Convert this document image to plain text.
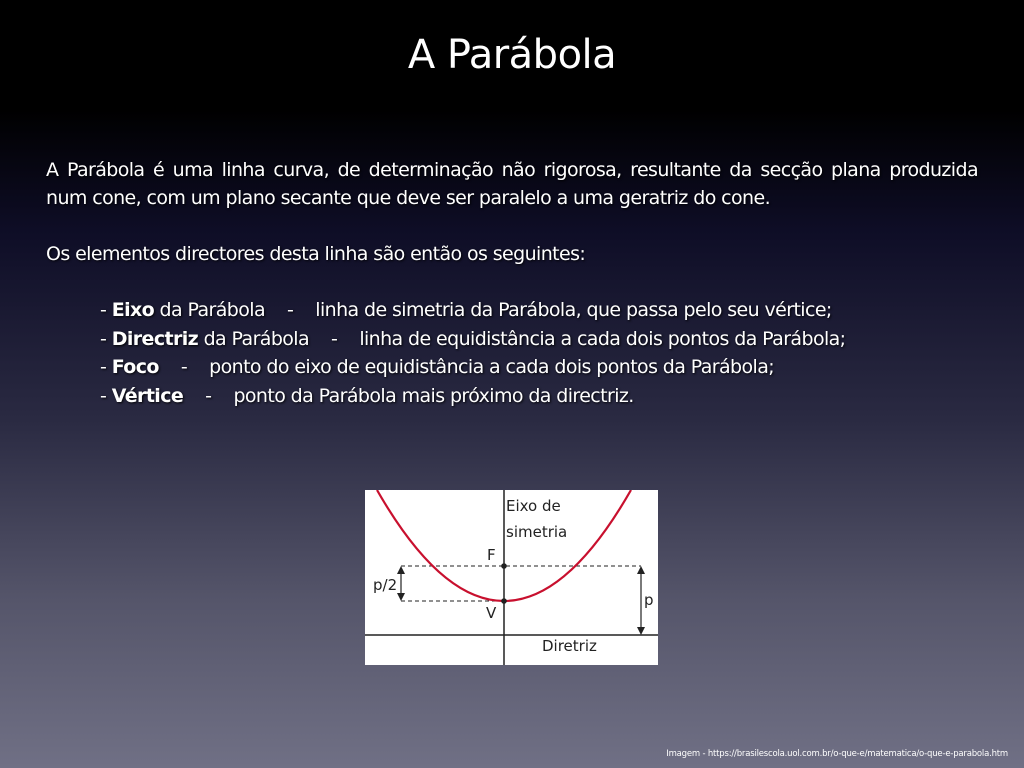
A Parábola
A Parábola é uma linha curva, de determinação não rigorosa, resultante da secção plana produzida num cone, com um plano secante que deve ser paralelo a uma geratriz do cone.
Os elementos directores desta linha são então os seguintes:
- Eixo da Parábola - linha de simetria da Parábola, que passa pelo seu vértice;
- Directriz da Parábola - linha de equidistância a cada dois pontos da Parábola;
- Foco - ponto do eixo de equidistância a cada dois pontos da Parábola;
- Vértice - ponto da Parábola mais próximo da directriz.
Eixo de
simetria
F
V
p/2
p
Diretriz
Imagem - https://brasilescola.uol.com.br/o-que-e/matematica/o-que-e-parabola.htm
